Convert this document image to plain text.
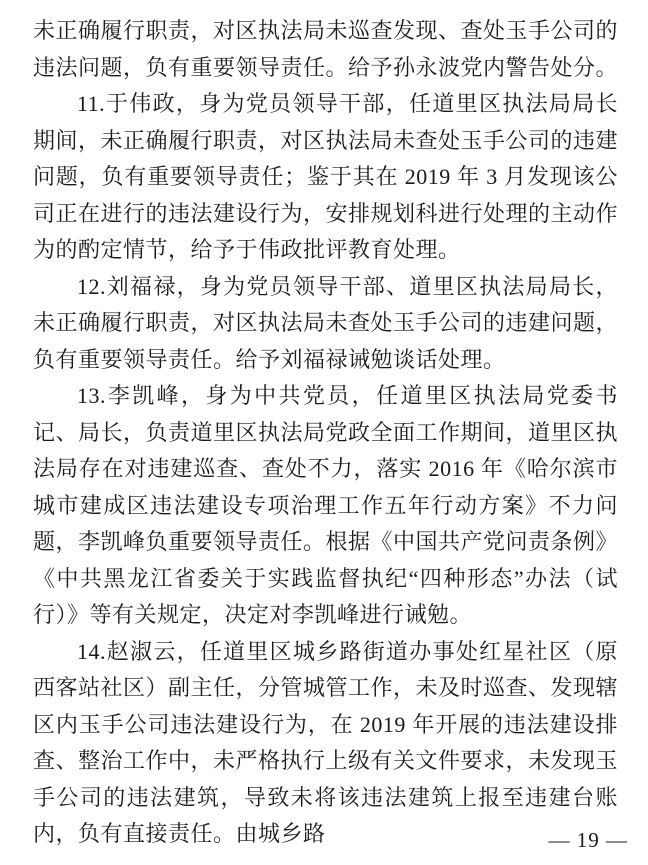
未正确履行职责，对区执法局未巡查发现、查处玉手公司的违法问题，负有重要领导责任。给予孙永波党内警告处分。

11.于伟政，身为党员领导干部，任道里区执法局局长期间，未正确履行职责，对区执法局未查处玉手公司的违建问题，负有重要领导责任；鉴于其在 2019 年 3 月发现该公司正在进行的违法建设行为，安排规划科进行处理的主动作为的酌定情节，给予于伟政批评教育处理。

12.刘福禄，身为党员领导干部、道里区执法局局长，未正确履行职责，对区执法局未查处玉手公司的违建问题，负有重要领导责任。给予刘福禄诫勉谈话处理。

13.李凯峰，身为中共党员，任道里区执法局党委书记、局长，负责道里区执法局党政全面工作期间，道里区执法局存在对违建巡查、查处不力，落实 2016 年《哈尔滨市城市建成区违法建设专项治理工作五年行动方案》不力问题，李凯峰负重要领导责任。根据《中国共产党问责条例》《中共黑龙江省委关于实践监督执纪“四种形态”办法（试行）》等有关规定，决定对李凯峰进行诫勉。

14.赵淑云，任道里区城乡路街道办事处红星社区（原西客站社区）副主任，分管城管工作，未及时巡查、发现辖区内玉手公司违法建设行为，在 2019 年开展的违法建设排查、整治工作中，未严格执行上级有关文件要求，未发现玉手公司的违法建筑，导致未将该违法建筑上报至违建台账内，负有直接责任。由城乡路	— 19 —
